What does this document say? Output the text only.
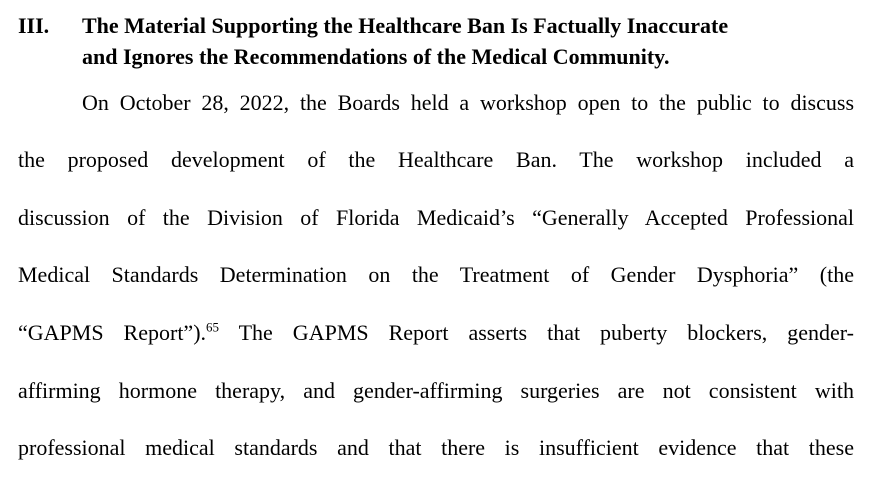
III.	The Material Supporting the Healthcare Ban Is Factually Inaccurate
and Ignores the Recommendations of the Medical Community.
On October 28, 2022, the Boards held a workshop open to the public to discuss
the proposed development of the Healthcare Ban. The workshop included a
discussion of the Division of Florida Medicaid’s “Generally Accepted Professional
Medical Standards Determination on the Treatment of Gender Dysphoria” (the
“GAPMS Report”).$^{65}$ The GAPMS Report asserts that puberty blockers, gender-
affirming hormone therapy, and gender-affirming surgeries are not consistent with
professional medical standards and that there is insufficient evidence that these
